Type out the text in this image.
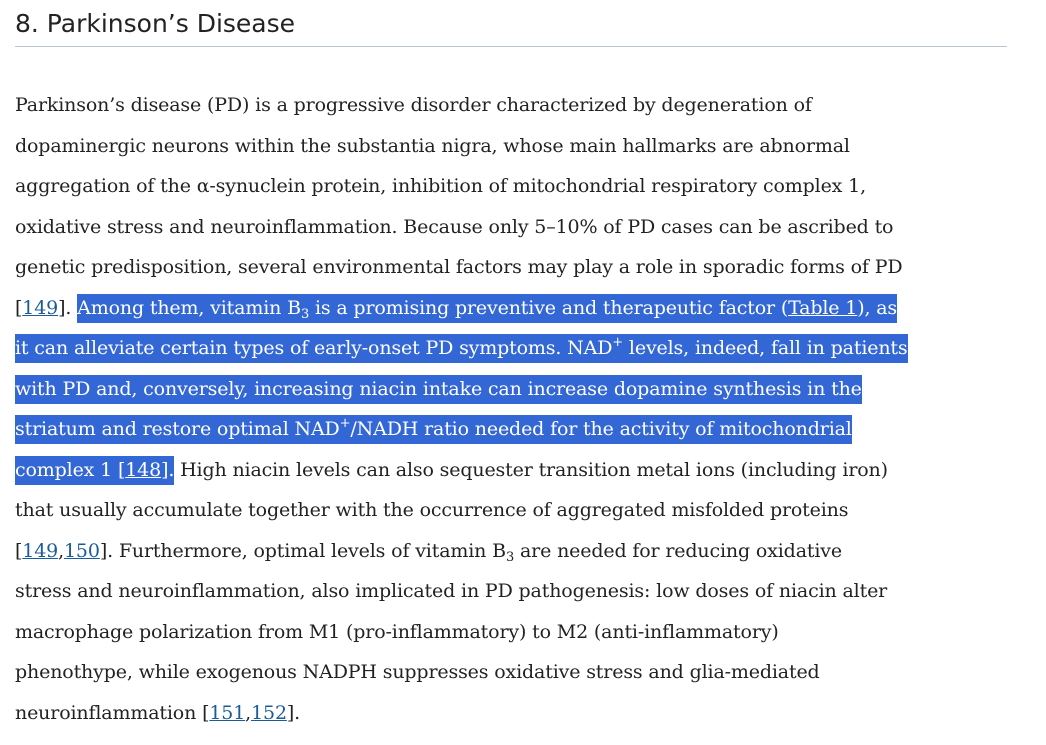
8. Parkinson’s Disease

Parkinson’s disease (PD) is a progressive disorder characterized by degeneration of
dopaminergic neurons within the substantia nigra, whose main hallmarks are abnormal
aggregation of the α-synuclein protein, inhibition of mitochondrial respiratory complex 1,
oxidative stress and neuroinflammation. Because only 5–10% of PD cases can be ascribed to
genetic predisposition, several environmental factors may play a role in sporadic forms of PD
[149]. Among them, vitamin $B_3$ is a promising preventive and therapeutic factor (Table 1), as
it can alleviate certain types of early-onset PD symptoms. NAD+ levels, indeed, fall in patients
with PD and, conversely, increasing niacin intake can increase dopamine synthesis in the
striatum and restore optimal NAD+/NADH ratio needed for the activity of mitochondrial
complex 1 [148]. High niacin levels can also sequester transition metal ions (including iron)
that usually accumulate together with the occurrence of aggregated misfolded proteins
[149,150]. Furthermore, optimal levels of vitamin $B_3$ are needed for reducing oxidative
stress and neuroinflammation, also implicated in PD pathogenesis: low doses of niacin alter
macrophage polarization from M1 (pro-inflammatory) to M2 (anti-inflammatory)
phenothype, while exogenous NADPH suppresses oxidative stress and glia-mediated
neuroinflammation [151,152].
